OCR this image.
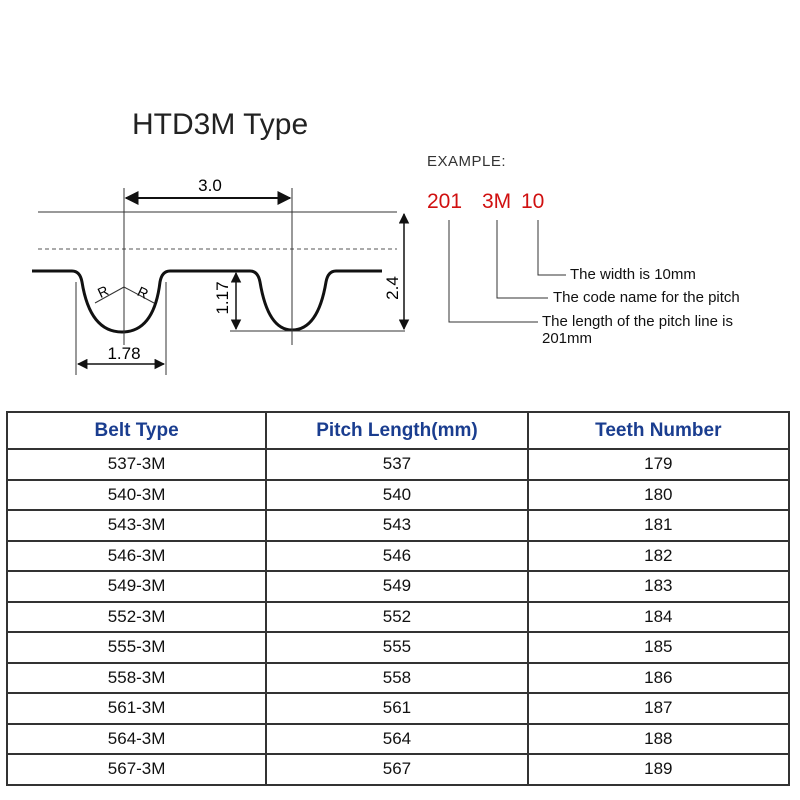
HTD3M Type
R R
3.0
2.4
1.17
1.78
EXAMPLE:
201 3M 10
The width is 10mm
The code name for the pitch
The length of the pitch line is
201mm
Belt Type	Pitch Length(mm)	Teeth Number
537-3M	537	179
540-3M	540	180
543-3M	543	181
546-3M	546	182
549-3M	549	183
552-3M	552	184
555-3M	555	185
558-3M	558	186
561-3M	561	187
564-3M	564	188
567-3M	567	189
